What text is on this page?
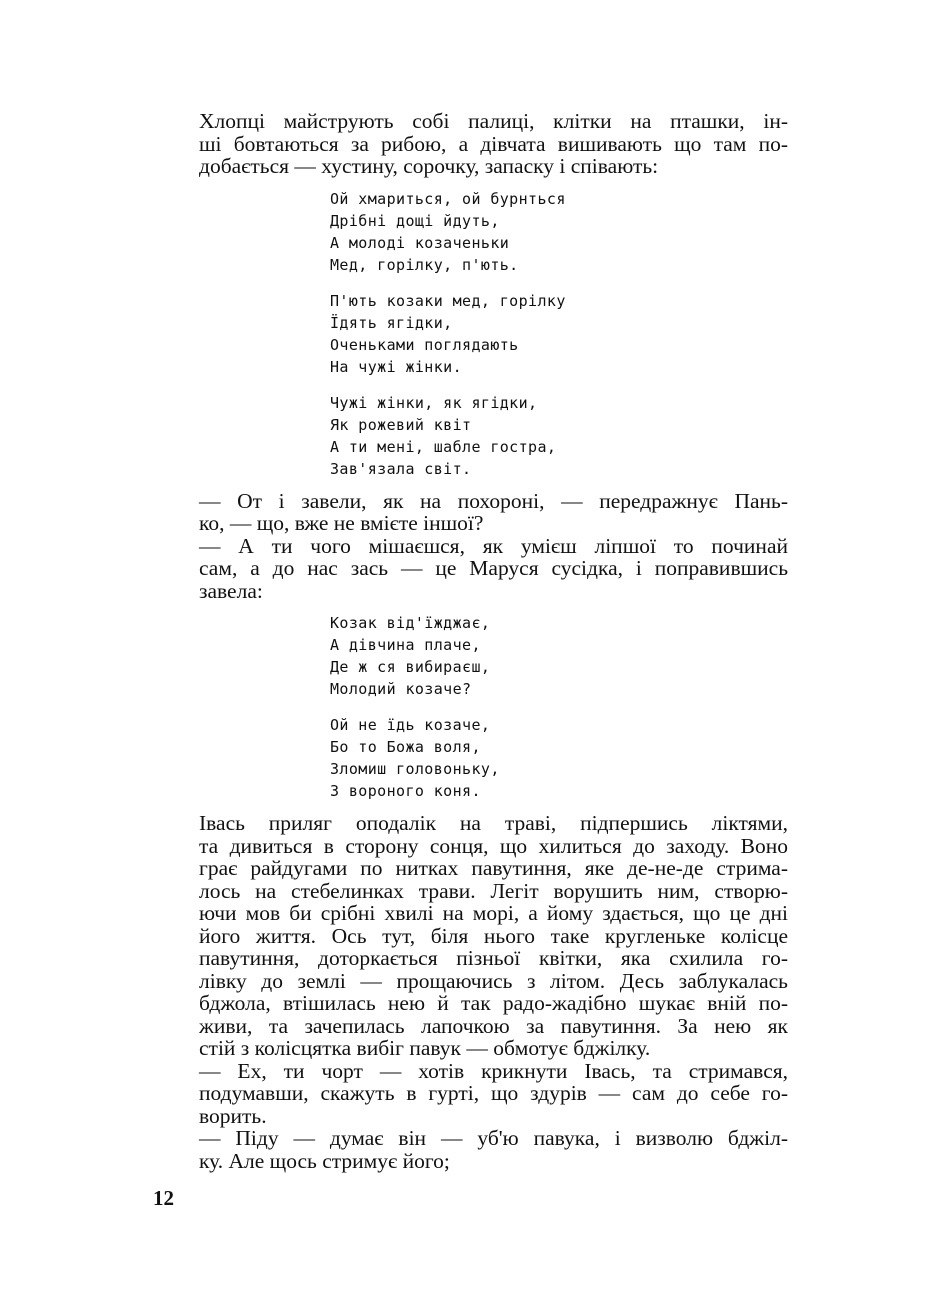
Хлопці майструють собі палиці, клітки на пташки, ін-
ші бовтаються за рибою, а дівчата вишивають що там по-
добається — хустину, сорочку, запаску і співають:

Ой хмариться, ой бурнться
Дрібні дощі йдуть,
А молоді козаченьки
Мед, горілку, п'ють.
П'ють козаки мед, горілку
Їдять ягідки,
Оченьками поглядають
На чужі жінки.
Чужі жінки, як ягідки,
Як рожевий квіт
А ти мені, шабле гостра,
Зав'язала світ.

— От і завели, як на похороні, — передражнує Пань-
ко, — що, вже не вмієте іншої?

— А ти чого мішаєшся, як умієш ліпшої то починай
сам, а до нас зась — це Маруся сусідка, і поправившись
завела:

Козак від'їжджає,
А дівчина плаче,
Де ж ся вибираєш,
Молодий козаче?
Ой не їдь козаче,
Бо то Божа воля,
Зломиш головоньку,
З вороного коня.

Івась приляг оподалік на траві, підпершись ліктями,
та дивиться в сторону сонця, що хилиться до заходу. Воно
грає райдугами по нитках павутиння, яке де-не-де стрима-
лось на стебелинках трави. Легіт ворушить ним, створю-
ючи мов би срібні хвилі на морі, а йому здається, що це дні
його життя. Ось тут, біля нього таке кругленьке колісце
павутиння, доторкається пізньої квітки, яка схилила го-
лівку до землі — прощаючись з літом. Десь заблукалась
бджола, втішилась нею й так радо-жадібно шукає вній по-
живи, та зачепилась лапочкою за павутиння. За нею як
стій з колісцятка вибіг павук — обмотує бджілку.

— Ех, ти чорт — хотів крикнути Івась, та стримався,
подумавши, скажуть в гурті, що здурів — сам до себе го-
ворить.

— Піду — думає він — уб'ю павука, і визволю бджіл-
ку. Але щось стримує його;

12
